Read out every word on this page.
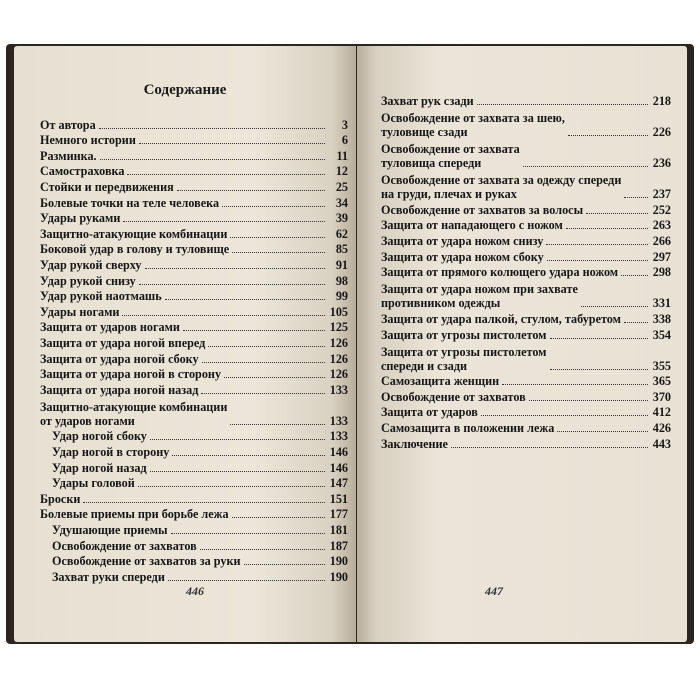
Содержание
От автора	3
Немного истории	6
Разминка.	11
Самостраховка	12
Стойки и передвижения	25
Болевые точки на теле человека	34
Удары руками	39
Защитно-атакующие комбинации	62
Боковой удар в голову и туловище	85
Удар рукой сверху	91
Удар рукой снизу	98
Удар рукой наотмашь	99
Удары ногами	105
Защита от ударов ногами	125
Защита от удара ногой вперед	126
Защита от удара ногой сбоку	126
Защита от удара ногой в сторону	126
Защита от удара ногой назад	133
Защитно-атакующие комбинации
от ударов ногами	133
Удар ногой сбоку	133
Удар ногой в сторону	146
Удар ногой назад	146
Удары головой	147
Броски	151
Болевые приемы при борьбе лежа	177
Удушающие приемы	181
Освобождение от захватов	187
Освобождение от захватов за руки	190
Захват руки спереди	190
446
Захват рук сзади	218
Освобождение от захвата за шею,
туловище сзади	226
Освобождение от захвата
туловища спереди	236
Освобождение от захвата за одежду спереди
на груди, плечах и руках	237
Освобождение от захватов за волосы	252
Защита от нападающего с ножом	263
Защита от удара ножом снизу	266
Защита от удара ножом сбоку	297
Защита от прямого колющего удара ножом	298
Защита от удара ножом при захвате
противником одежды	331
Защита от удара палкой, стулом, табуретом	338
Защита от угрозы пистолетом	354
Защита от угрозы пистолетом
спереди и сзади	355
Самозащита женщин	365
Освобождение от захватов	370
Защита от ударов	412
Самозащита в положении лежа	426
Заключение	443
447
